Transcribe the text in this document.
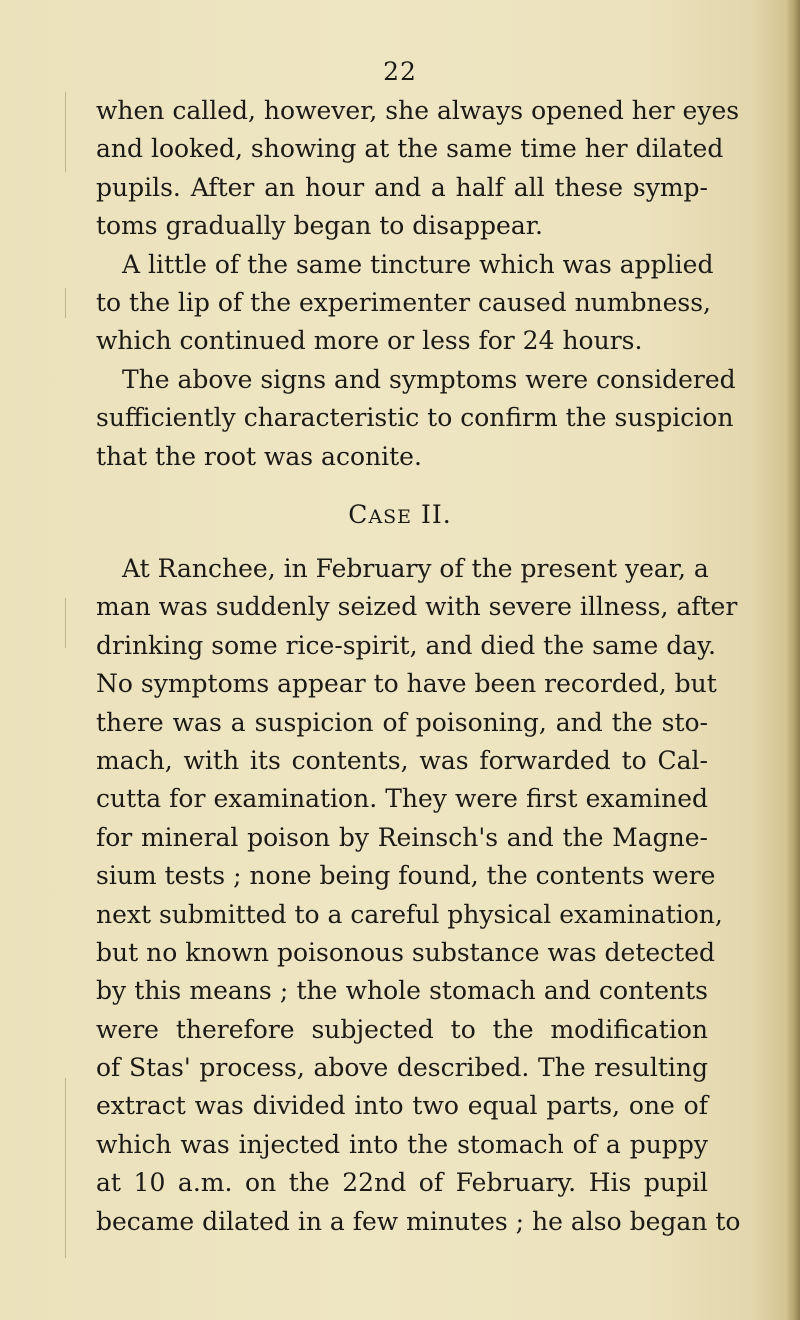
22
when called, however, she always opened her eyes
and looked, showing at the same time her dilated
pupils. After an hour and a half all these symp-
toms gradually began to disappear.
A little of the same tincture which was applied
to the lip of the experimenter caused numbness,
which continued more or less for 24 hours.
The above signs and symptoms were considered
sufficiently characteristic to confirm the suspicion
that the root was aconite.
CASE II.
At Ranchee, in February of the present year, a
man was suddenly seized with severe illness, after
drinking some rice-spirit, and died the same day.
No symptoms appear to have been recorded, but
there was a suspicion of poisoning, and the sto-
mach, with its contents, was forwarded to Cal-
cutta for examination. They were first examined
for mineral poison by Reinsch's and the Magne-
sium tests ; none being found, the contents were
next submitted to a careful physical examination,
but no known poisonous substance was detected
by this means ; the whole stomach and contents
were therefore subjected to the modification
of Stas' process, above described. The resulting
extract was divided into two equal parts, one of
which was injected into the stomach of a puppy
at 10 a.m. on the 22nd of February. His pupil
became dilated in a few minutes ; he also began to
